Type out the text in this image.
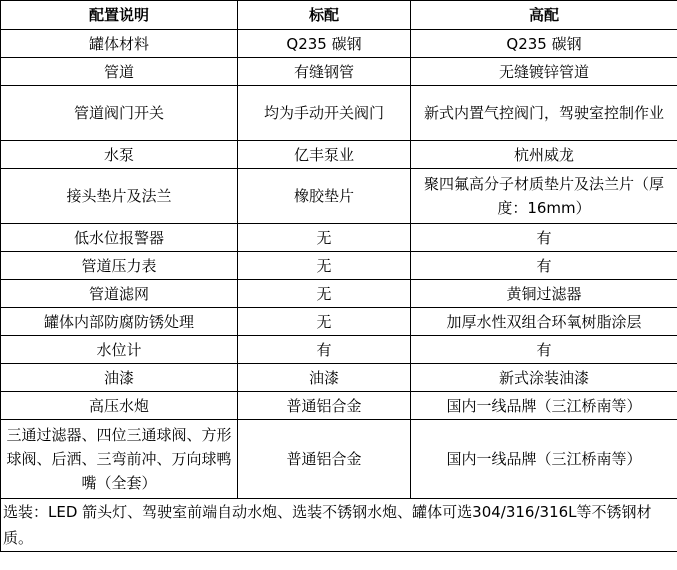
配置说明	标配	高配
罐体材料	Q235 碳钢	Q235 碳钢
管道	有缝钢管	无缝镀锌管道
管道阀门开关	均为手动开关阀门	新式内置气控阀门，驾驶室控制作业
水泵	亿丰泵业	杭州威龙
接头垫片及法兰	橡胶垫片	聚四氟高分子材质垫片及法兰片（厚度：16mm）
低水位报警器	无	有
管道压力表	无	有
管道滤网	无	黄铜过滤器
罐体内部防腐防锈处理	无	加厚水性双组合环氧树脂涂层
水位计	有	有
油漆	油漆	新式涂装油漆
高压水炮	普通铝合金	国内一线品牌（三江桥南等）
三通过滤器、四位三通球阀、方形球阀、后洒、三弯前冲、万向球鸭嘴（全套）	普通铝合金	国内一线品牌（三江桥南等）
选装：LED 箭头灯、驾驶室前端自动水炮、选装不锈钢水炮、罐体可选304/316/316L等不锈钢材质。		
